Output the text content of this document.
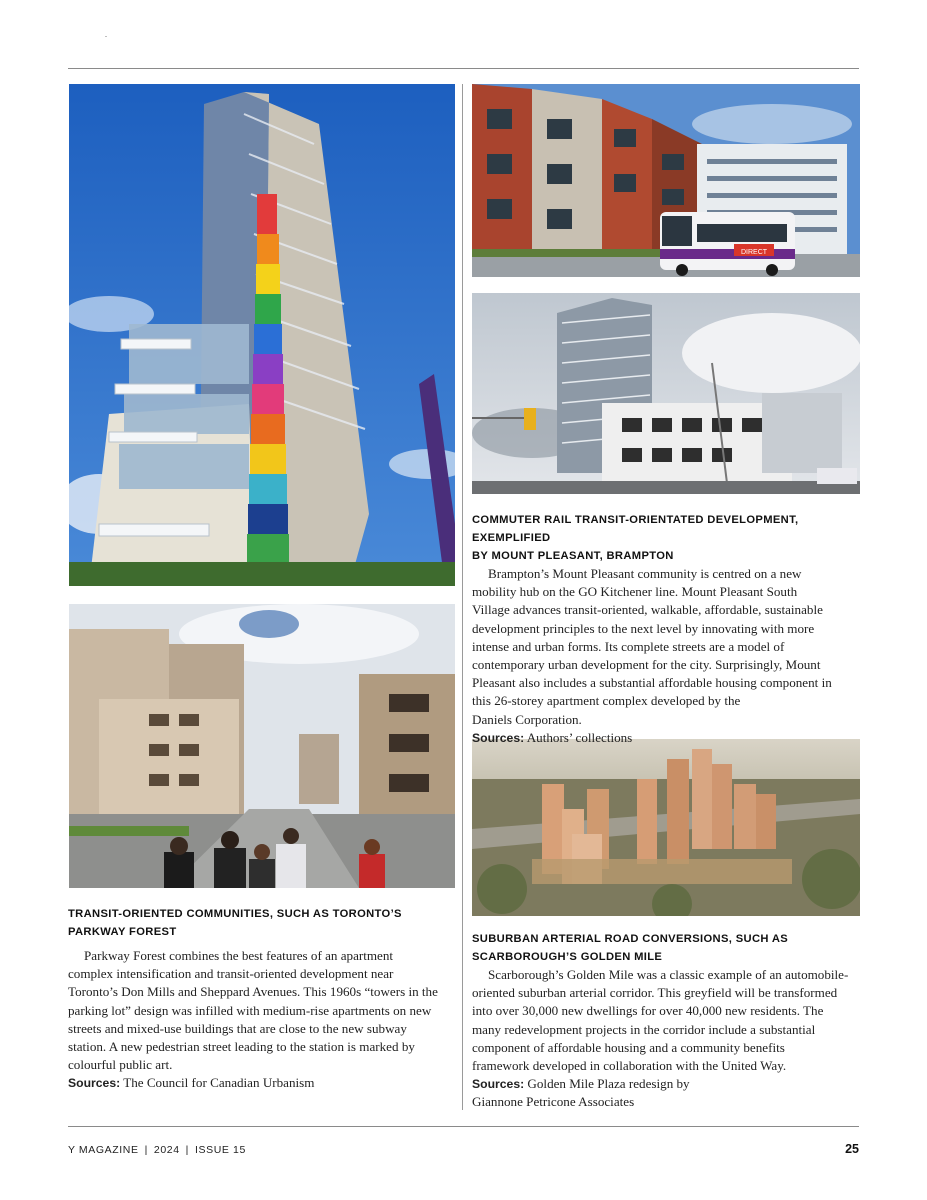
.
DIRECT
TRANSIT-ORIENTED COMMUNITIES, SUCH AS TORONTO’S
PARKWAY FOREST

Parkway Forest combines the best features of an apartment

complex intensification and transit-oriented development near
Toronto’s Don Mills and Sheppard Avenues. This 1960s “towers in the
parking lot” design was infilled with medium-rise apartments on new
streets and mixed-use buildings that are close to the new subway
station. A new pedestrian street leading to the station is marked by
colourful public art.
Sources: The Council for Canadian Urbanism
COMMUTER RAIL TRANSIT-ORIENTATED DEVELOPMENT, EXEMPLIFIED
BY MOUNT PLEASANT, BRAMPTON

Brampton’s Mount Pleasant community is centred on a new

mobility hub on the GO Kitchener line. Mount Pleasant South
Village advances transit-oriented, walkable, affordable, sustainable
development principles to the next level by innovating with more
intense and urban forms. Its complete streets are a model of
contemporary urban development for the city. Surprisingly, Mount
Pleasant also includes a substantial affordable housing component in
this 26-storey apartment complex developed by the
Daniels Corporation.
Sources: Authors’ collections
SUBURBAN ARTERIAL ROAD CONVERSIONS, SUCH AS
SCARBOROUGH’S GOLDEN MILE

Scarborough’s Golden Mile was a classic example of an automobile-

oriented suburban arterial corridor. This greyfield will be transformed
into over 30,000 new dwellings for over 40,000 new residents. The
many redevelopment projects in the corridor include a substantial
component of affordable housing and a community benefits
framework developed in collaboration with the United Way.
Sources: Golden Mile Plaza redesign by
Giannone Petricone Associates
Y MAGAZINE | 2024 | ISSUE 15	25
